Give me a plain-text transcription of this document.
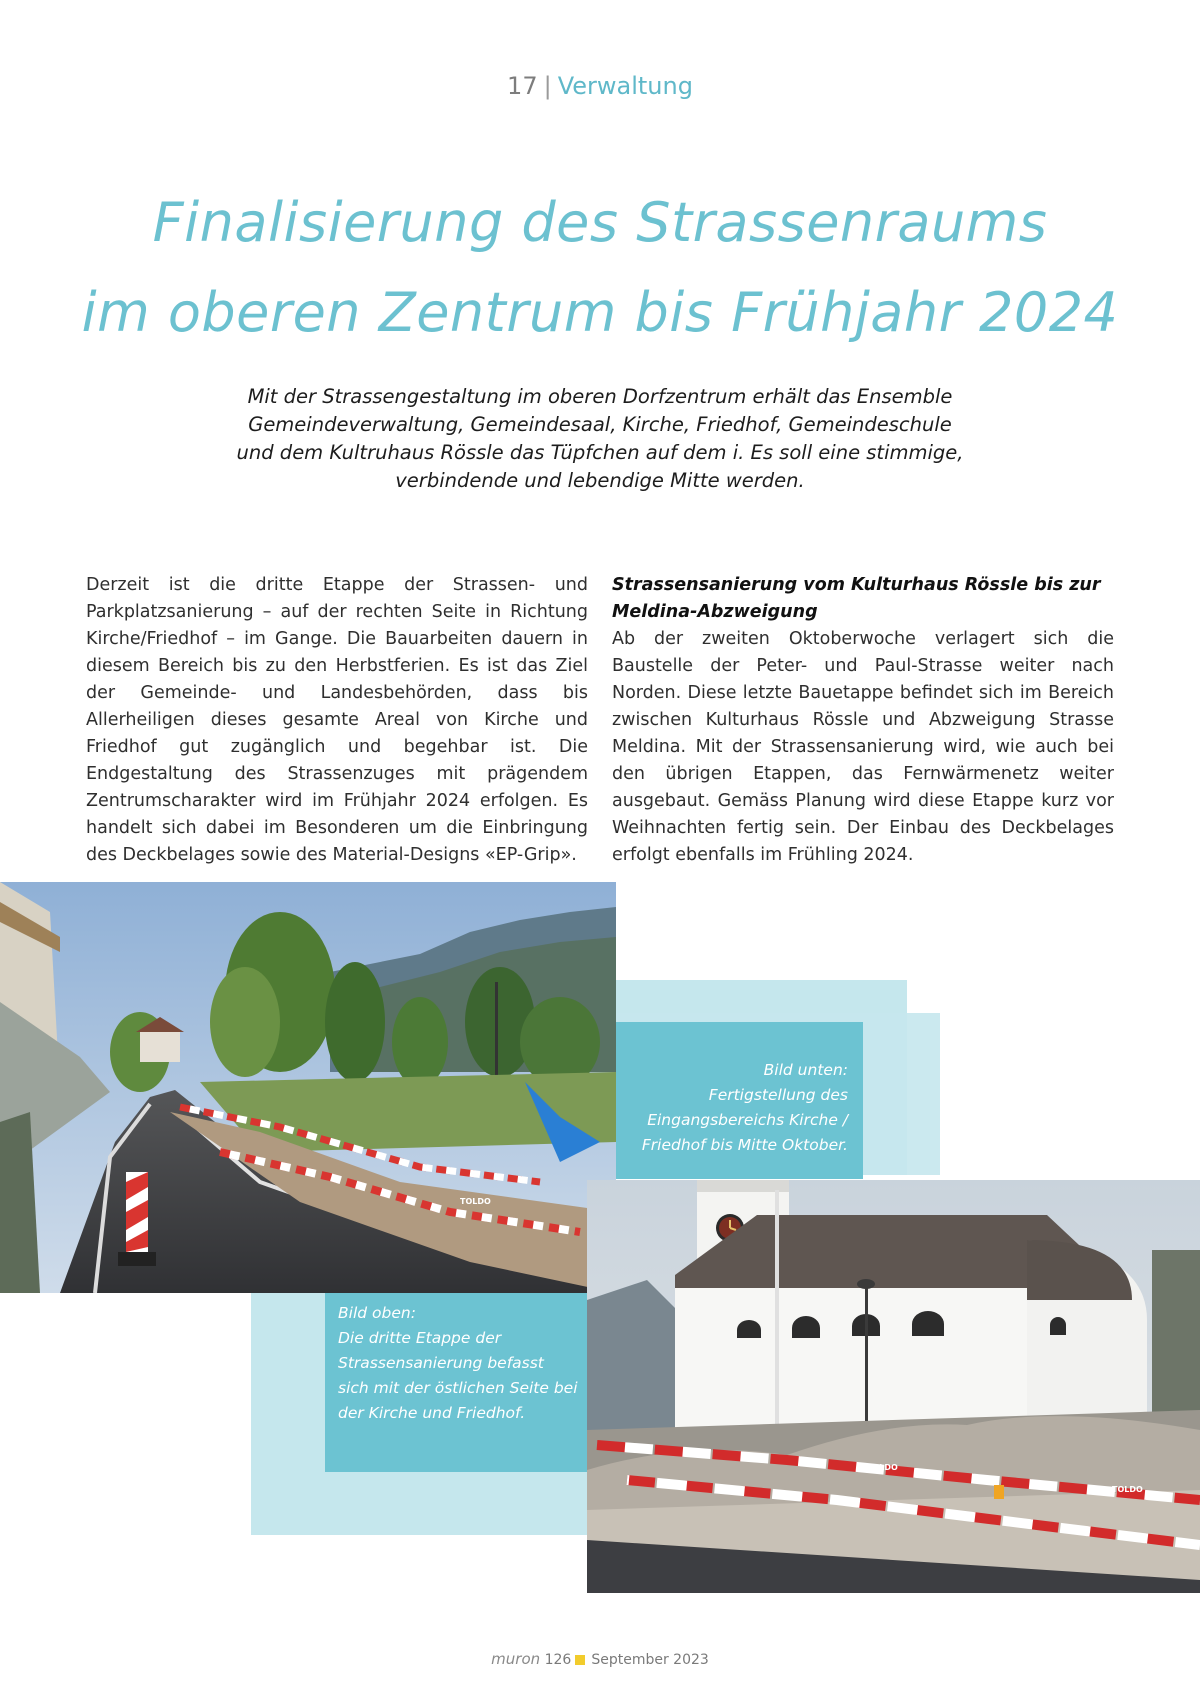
17 | Verwaltung
Finalisierung des Strassenraums
im oberen Zentrum bis Frühjahr 2024

Mit der Strassengestaltung im oberen Dorfzentrum erhält das Ensemble Gemeindeverwaltung, Gemeindesaal, Kirche, Friedhof, Gemeindeschule und dem Kultruhaus Rössle das Tüpfchen auf dem i. Es soll eine stimmige, verbindende und lebendige Mitte werden.

Derzeit ist die dritte Etappe der Strassen- und Parkplatzsanierung – auf der rechten Seite in Richtung Kirche/Friedhof – im Gange. Die Bauarbeiten dauern in diesem Bereich bis zu den Herbstferien. Es ist das Ziel der Gemeinde- und Landesbehörden, dass bis Allerheiligen dieses gesamte Areal von Kirche und Friedhof gut zugänglich und begehbar ist. Die Endgestaltung des Strassenzuges mit prägendem Zentrumscharakter wird im Frühjahr 2024 erfolgen. Es handelt sich dabei im Besonderen um die Einbringung des Deckbelages sowie des Material-Designs «EP-Grip».

Strassensanierung vom Kulturhaus Rössle bis zur Meldina-Abzweigung
Ab der zweiten Oktoberwoche verlagert sich die Baustelle der Peter- und Paul-Strasse weiter nach Norden. Diese letzte Bauetappe befindet sich im Bereich zwischen Kulturhaus Rössle und Abzweigung Strasse Meldina. Mit der Strassensanierung wird, wie auch bei den übrigen Etappen, das Fernwärmenetz weiter ausgebaut. Gemäss Planung wird diese Etappe kurz vor Weihnachten fertig sein. Der Einbau des Deckbelages erfolgt ebenfalls im Frühling 2024.
TOLDO
TOLDO
TOLDO
Bild unten:
Fertigstellung des Eingangsbereichs Kirche / Friedhof bis Mitte Oktober.
Bild oben:
Die dritte Etappe der Strassensanierung befasst sich mit der östlichen Seite bei der Kirche und Friedhof.
muron 126 September 2023
